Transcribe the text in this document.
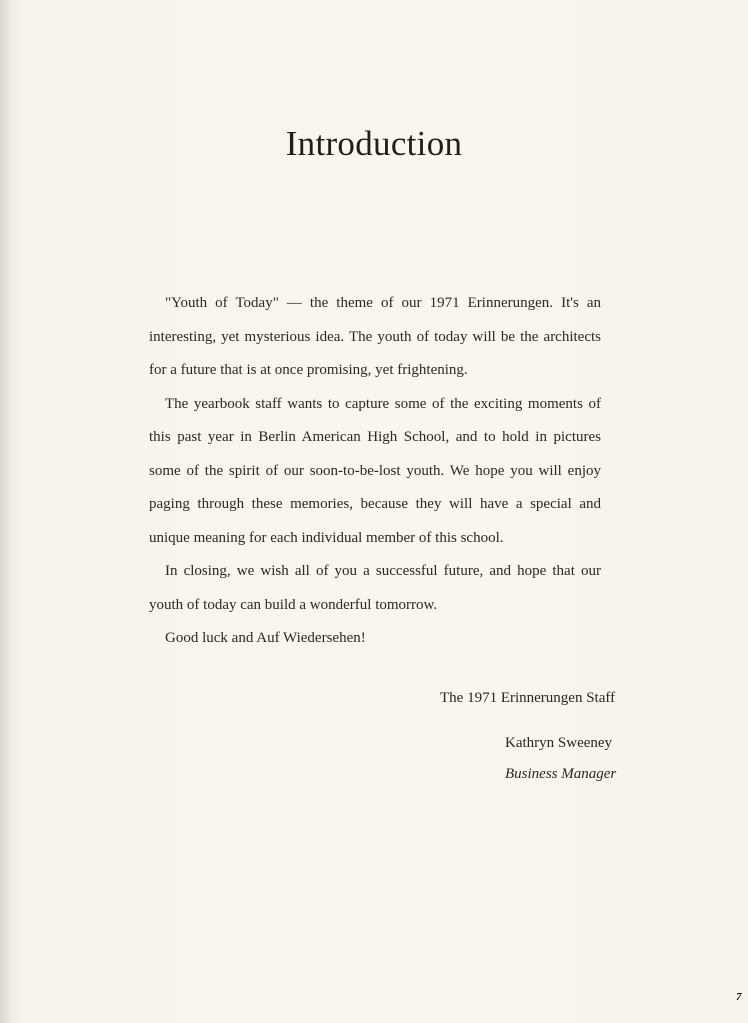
Introduction

"Youth of Today" — the theme of our 1971 Erinnerungen. It's an interesting, yet mysterious idea. The youth of today will be the architects for a future that is at once promising, yet frightening.

The yearbook staff wants to capture some of the exciting moments of this past year in Berlin American High School, and to hold in pictures some of the spirit of our soon-to-be-lost youth. We hope you will enjoy paging through these memories, because they will have a special and unique meaning for each individual member of this school.

In closing, we wish all of you a successful future, and hope that our youth of today can build a wonderful tomorrow.

Good luck and Auf Wiedersehen!

The 1971 Erinnerungen Staff
Kathryn Sweeney
Business Manager
7
